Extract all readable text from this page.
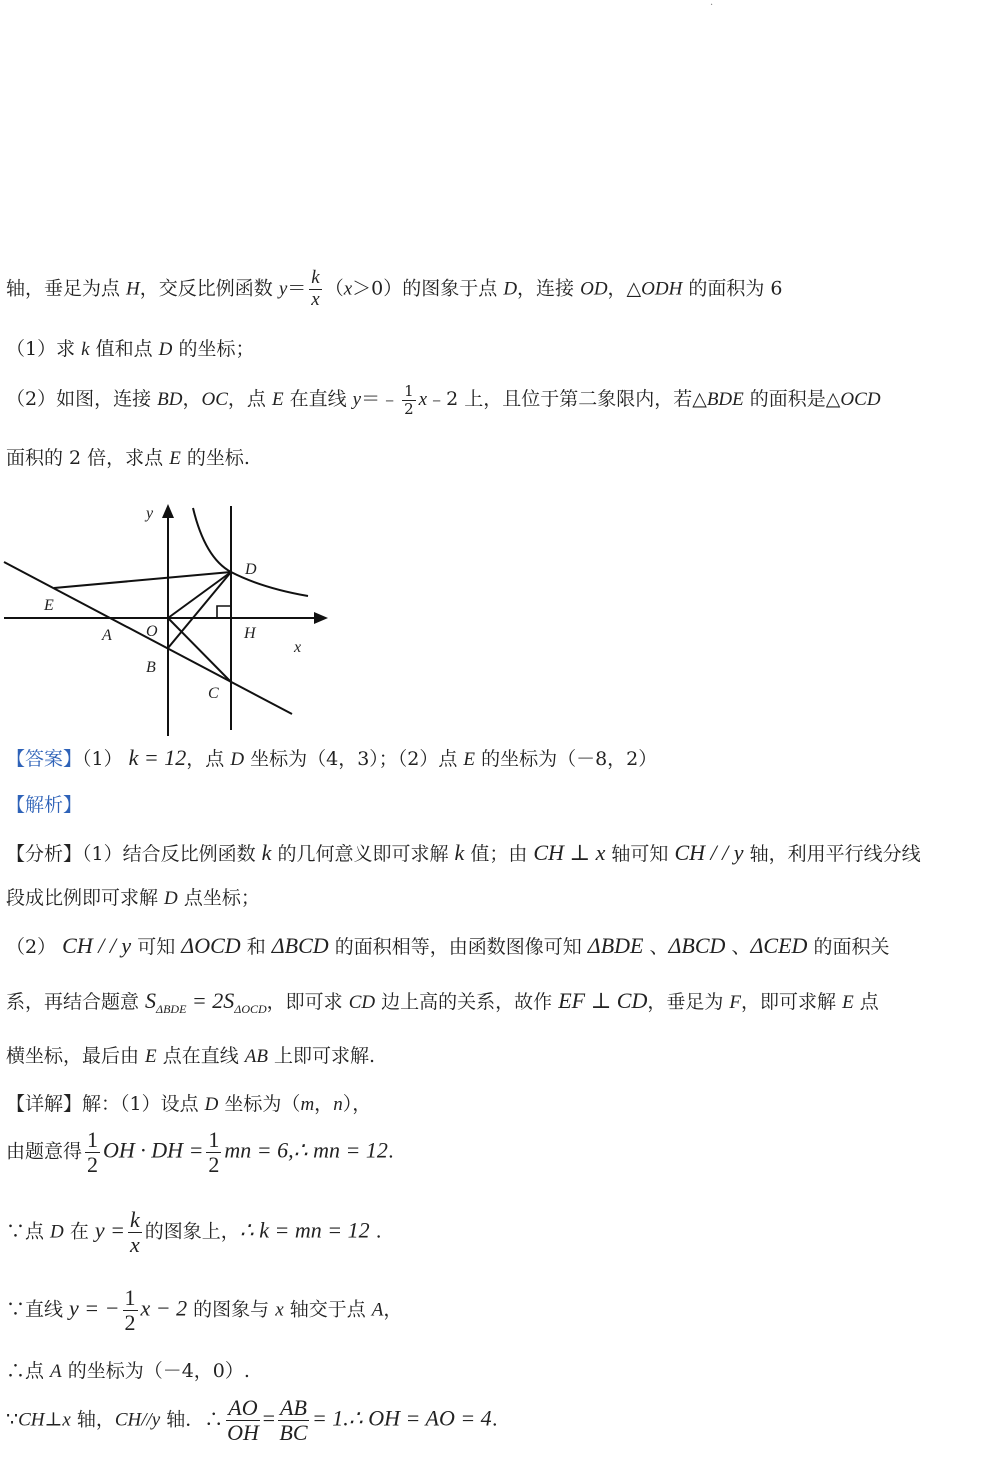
·
轴，垂足为点 H，交反比例函数 $y= \frac{k}{x} (x>0)$的图象于点 D，连接 OD，△ODH 的面积为 6
（1）求 k 值和点 D 的坐标；
（2）如图，连接 BD，OC，点 E 在直线 y＝﹣ $\frac{1}{2}$ x﹣2 上，且位于第二象限内，若△BDE 的面积是△OCD
面积的 2 倍，求点 E 的坐标.
y
x
D
E
A O	H
B
C
【答案】（1） k = 12，点 D 坐标为（4，3）；（2）点 E 的坐标为（－8，2）
【解析】
【分析】（1）结合反比例函数 k 的几何意义即可求解 k 值；由 CH ⊥ x 轴可知 CH / / y 轴，利用平行线分线
段成比例即可求解 D 点坐标；
（2） CH / / y 可知 ΔOCD 和 ΔBCD 的面积相等，由函数图像可知 ΔBDE 、ΔBCD 、ΔCED 的面积关
系，再结合题意 $S_{\Delta BDE} = 2S_{\Delta OCD}$，即可求 CD 边上高的关系，故作 EF ⊥ CD，垂足为 F，即可求解 E 点
横坐标，最后由 E 点在直线 AB 上即可求解.
【详解】解：（1）设点 D 坐标为（m，n），
由题意得 $\frac{1}{2}$ OH · DH = $\frac{1}{2}$ mn = 6,∴ mn = 12.
∵点 D 在 $y = \frac{k}{x}$ 的图象上，∴ k = mn = 12 .
∵直线 y = − $\frac{1}{2}$ x − 2 的图象与 x 轴交于点 A，
∴点 A 的坐标为（－4，0）.
∵CH⊥x 轴，CH//y 轴．∴ $\frac{AO}{OH} = \frac{AB}{BC}$ = 1.∴ OH = AO = 4.
